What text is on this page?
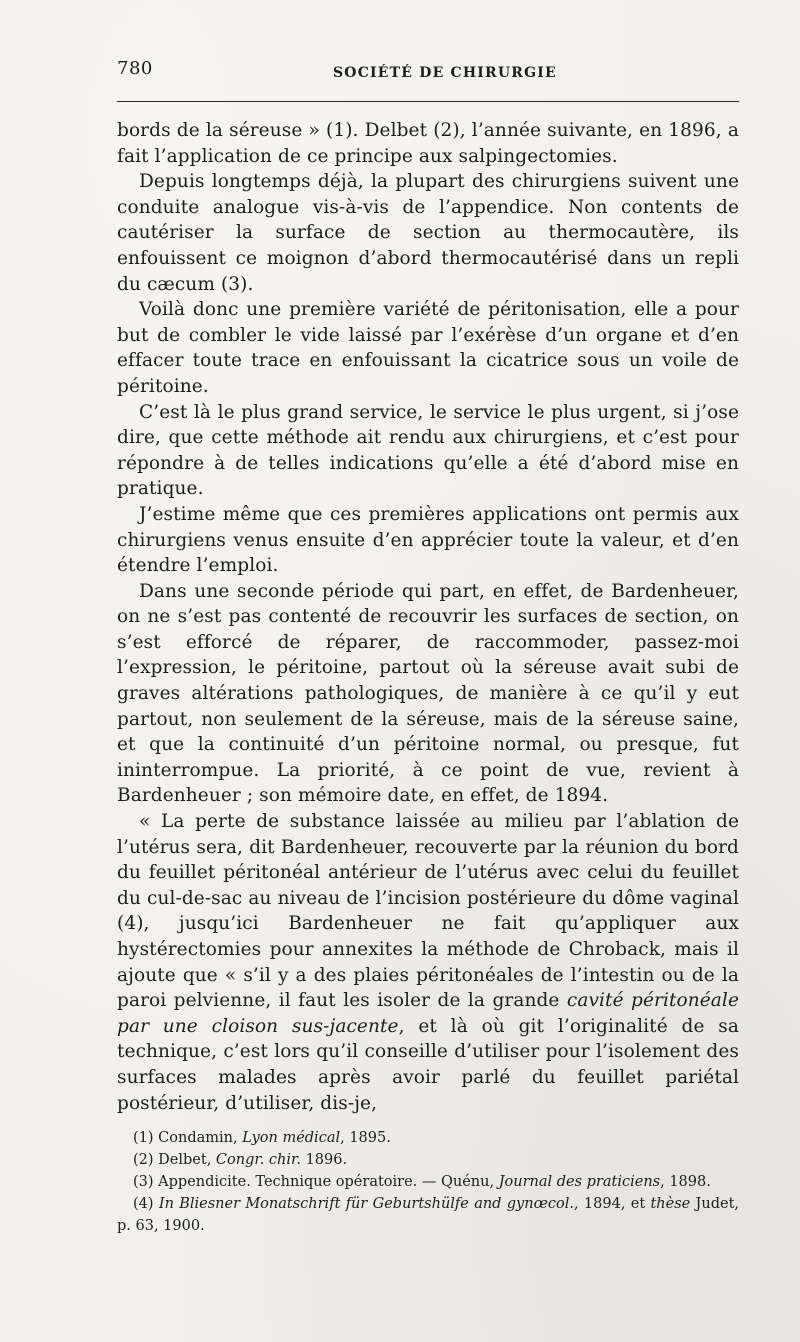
780	SOCIÉTÉ DE CHIRURGIE

bords de la séreuse » (1). Delbet (2), l’année suivante, en 1896, a fait l’application de ce principe aux salpingectomies.

Depuis longtemps déjà, la plupart des chirurgiens suivent une conduite analogue vis-à-vis de l’appendice. Non contents de cautériser la surface de section au thermocautère, ils enfouissent ce moignon d’abord thermocautérisé dans un repli du cæcum (3).

Voilà donc une première variété de péritonisation, elle a pour but de combler le vide laissé par l’exérèse d’un organe et d’en effacer toute trace en enfouissant la cicatrice sous un voile de péritoine.

C’est là le plus grand service, le service le plus urgent, si j’ose dire, que cette méthode ait rendu aux chirurgiens, et c’est pour répondre à de telles indications qu’elle a été d’abord mise en pratique.

J’estime même que ces premières applications ont permis aux chirurgiens venus ensuite d’en apprécier toute la valeur, et d’en étendre l’emploi.

Dans une seconde période qui part, en effet, de Bardenheuer, on ne s’est pas contenté de recouvrir les surfaces de section, on s’est efforcé de réparer, de raccommoder, passez-moi l’expression, le péritoine, partout où la séreuse avait subi de graves altérations pathologiques, de manière à ce qu’il y eut partout, non seulement de la séreuse, mais de la séreuse saine, et que la continuité d’un péritoine normal, ou presque, fut ininterrompue. La priorité, à ce point de vue, revient à Bardenheuer ; son mémoire date, en effet, de 1894.

« La perte de substance laissée au milieu par l’ablation de l’utérus sera, dit Bardenheuer, recouverte par la réunion du bord du feuillet péritonéal antérieur de l’utérus avec celui du feuillet du cul-de-sac au niveau de l’incision postérieure du dôme vaginal (4), jusqu’ici Bardenheuer ne fait qu’appliquer aux hystérectomies pour annexites la méthode de Chroback, mais il ajoute que « s’il y a des plaies péritonéales de l’intestin ou de la paroi pelvienne, il faut les isoler de la grande cavité péritonéale par une cloison sus-jacente, et là où git l’originalité de sa technique, c’est lors qu’il conseille d’utiliser pour l’isolement des surfaces malades après avoir parlé du feuillet pariétal postérieur, d’utiliser, dis-je,

(1) Condamin, Lyon médical, 1895.

(2) Delbet, Congr. chir. 1896.

(3) Appendicite. Technique opératoire. — Quénu, Journal des praticiens, 1898.

(4) In Bliesner Monatschrift für Geburtshülfe and gynœcol., 1894, et thèse Judet, p. 63, 1900.
